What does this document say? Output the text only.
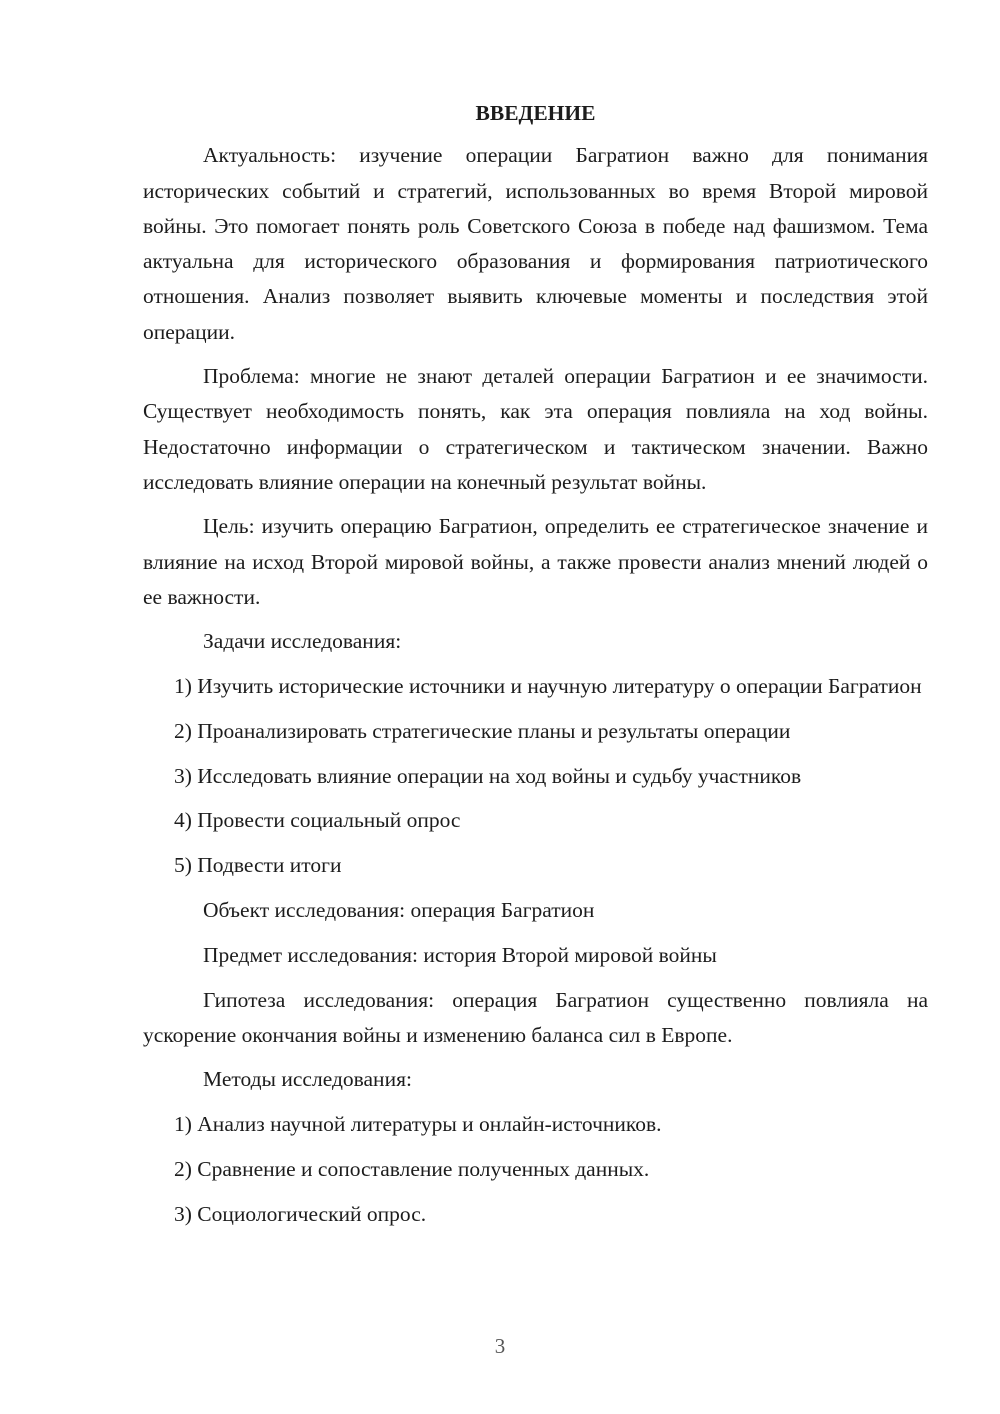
ВВЕДЕНИЕ

Актуальность: изучение операции Багратион важно для понимания исторических событий и стратегий, использованных во время Второй мировой войны. Это помогает понять роль Советского Союза в победе над фашизмом. Тема актуальна для исторического образования и формирования патриотического отношения. Анализ позволяет выявить ключевые моменты и последствия этой операции.

Проблема: многие не знают деталей операции Багратион и ее значимости. Существует необходимость понять, как эта операция повлияла на ход войны. Недостаточно информации о стратегическом и тактическом значении. Важно исследовать влияние операции на конечный результат войны.

Цель: изучить операцию Багратион, определить ее стратегическое значение и влияние на исход Второй мировой войны, а также провести анализ мнений людей о ее важности.

Задачи исследования:

1) Изучить исторические источники и научную литературу о операции Багратион

2) Проанализировать стратегические планы и результаты операции

3) Исследовать влияние операции на ход войны и судьбу участников

4) Провести социальный опрос

5) Подвести итоги

Объект исследования: операция Багратион

Предмет исследования: история Второй мировой войны

Гипотеза исследования: операция Багратион существенно повлияла на ускорение окончания войны и изменению баланса сил в Европе.

Методы исследования:

1) Анализ научной литературы и онлайн-источников.

2) Сравнение и сопоставление полученных данных.

3) Социологический опрос.

3
